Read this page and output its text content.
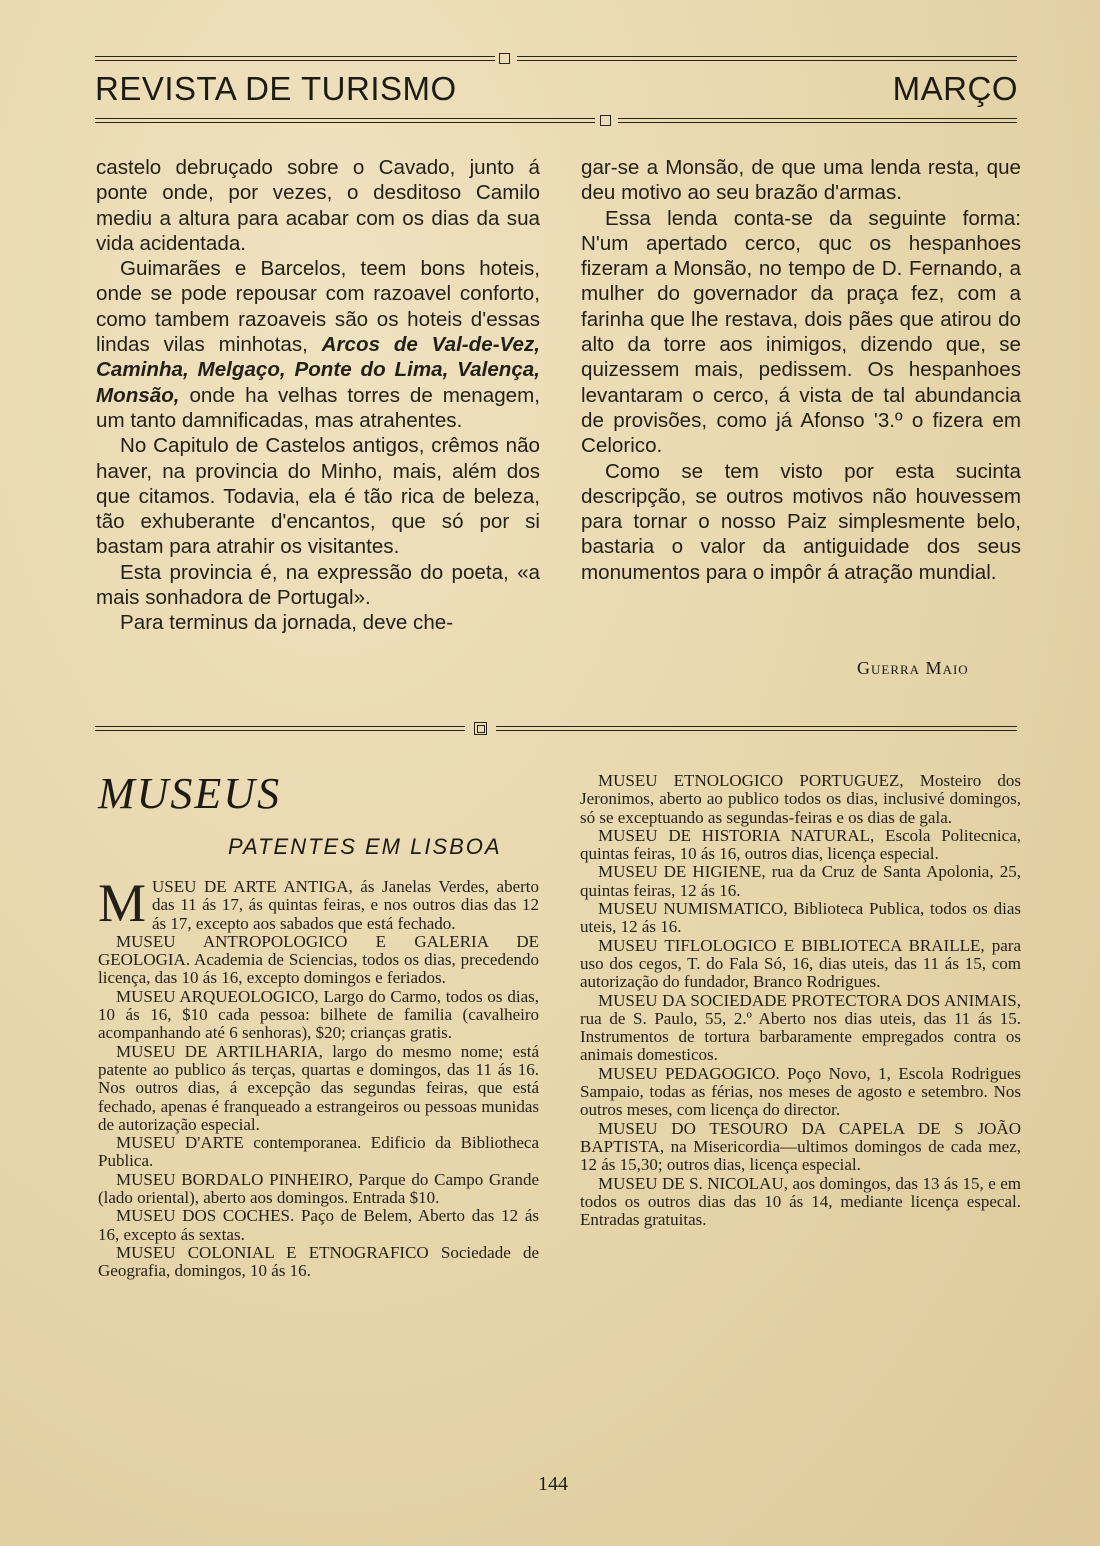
REVISTA DE TURISMO	MARÇO

castelo debruçado sobre o Cavado, junto á ponte onde, por vezes, o desditoso Camilo mediu a altura para acabar com os dias da sua vida acidentada.

Guimarães e Barcelos, teem bons hoteis, onde se pode repousar com razoavel conforto, como tambem razoaveis são os hoteis d'essas lindas vilas minhotas, Arcos de Val-de-Vez, Caminha, Melgaço, Ponte do Lima, Valença, Monsão, onde ha velhas torres de menagem, um tanto damnificadas, mas atrahentes.

No Capitulo de Castelos antigos, crêmos não haver, na provincia do Minho, mais, além dos que citamos. Todavia, ela é tão rica de beleza, tão exhuberante d'encantos, que só por si bastam para atrahir os visitantes.

Esta provincia é, na expressão do poeta, «a mais sonhadora de Portugal».

Para terminus da jornada, deve che-

gar-se a Monsão, de que uma lenda resta, que deu motivo ao seu brazão d'armas.

Essa lenda conta-se da seguinte forma: N'um apertado cerco, quc os hespanhoes fizeram a Monsão, no tempo de D. Fernando, a mulher do governador da praça fez, com a farinha que lhe restava, dois pães que atirou do alto da torre aos inimigos, dizendo que, se quizessem mais, pedissem. Os hespanhoes levantaram o cerco, á vista de tal abundancia de provisões, como já Afonso '3.º o fizera em Celorico.

Como se tem visto por esta sucinta descripção, se outros motivos não houvessem para tornar o nosso Paiz simplesmente belo, bastaria o valor da antiguidade dos seus monumentos para o impôr á atração mundial.

Guerra Maio
MUSEUS
PATENTES EM LISBOA

MUSEU DE ARTE ANTIGA, ás Janelas Verdes, aberto das 11 ás 17, ás quintas feiras, e nos outros dias das 12 ás 17, excepto aos sabados que está fechado.

MUSEU ANTROPOLOGICO E GALERIA DE GEOLOGIA. Academia de Sciencias, todos os dias, precedendo licença, das 10 ás 16, excepto domingos e feriados.

MUSEU ARQUEOLOGICO, Largo do Carmo, todos os dias, 10 ás 16, $10 cada pessoa: bilhete de familia (cavalheiro acompanhando até 6 senhoras), $20; crianças gratis.

MUSEU DE ARTILHARIA, largo do mesmo nome; está patente ao publico ás terças, quartas e domingos, das 11 ás 16. Nos outros dias, á excepção das segundas feiras, que está fechado, apenas é franqueado a estrangeiros ou pessoas munidas de autorização especial.

MUSEU D'ARTE contemporanea. Edificio da Bibliotheca Publica.

MUSEU BORDALO PINHEIRO, Parque do Campo Grande (lado oriental), aberto aos domingos. Entrada $10.

MUSEU DOS COCHES. Paço de Belem, Aberto das 12 ás 16, excepto ás sextas.

MUSEU COLONIAL E ETNOGRAFICO Sociedade de Geografia, domingos, 10 ás 16.

MUSEU ETNOLOGICO PORTUGUEZ, Mosteiro dos Jeronimos, aberto ao publico todos os dias, inclusivé domingos, só se exceptuando as segundas-feiras e os dias de gala.

MUSEU DE HISTORIA NATURAL, Escola Politecnica, quintas feiras, 10 ás 16, outros dias, licença especial.

MUSEU DE HIGIENE, rua da Cruz de Santa Apolonia, 25, quintas feiras, 12 ás 16.

MUSEU NUMISMATICO, Biblioteca Publica, todos os dias uteis, 12 ás 16.

MUSEU TIFLOLOGICO E BIBLIOTECA BRAILLE, para uso dos cegos, T. do Fala Só, 16, dias uteis, das 11 ás 15, com autorização do fundador, Branco Rodrigues.

MUSEU DA SOCIEDADE PROTECTORA DOS ANIMAIS, rua de S. Paulo, 55, 2.º Aberto nos dias uteis, das 11 ás 15. Instrumentos de tortura barbaramente empregados contra os animais domesticos.

MUSEU PEDAGOGICO. Poço Novo, 1, Escola Rodrigues Sampaio, todas as férias, nos meses de agosto e setembro. Nos outros meses, com licença do director.

MUSEU DO TESOURO DA CAPELA DE S JOÃO BAPTISTA, na Misericordia—ultimos domingos de cada mez, 12 ás 15,30; outros dias, licença especial.

MUSEU DE S. NICOLAU, aos domingos, das 13 ás 15, e em todos os outros dias das 10 ás 14, mediante licença especal. Entradas gratuitas.

144
